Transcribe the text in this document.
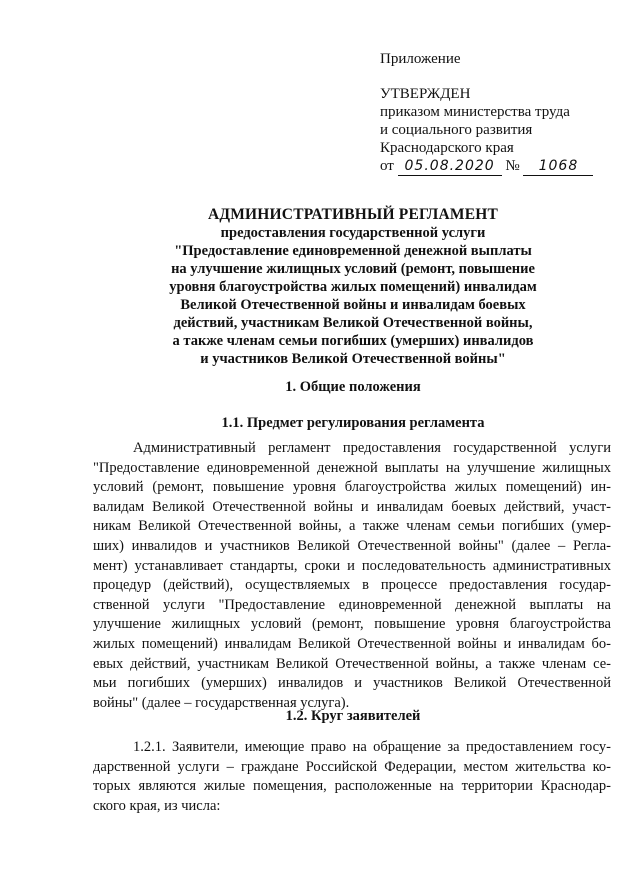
Приложение
УТВЕРЖДЕН
приказом министерства труда
и социального развития
Краснодарского края
от 05.08.2020 № 1068
АДМИНИСТРАТИВНЫЙ РЕГЛАМЕНТ
предоставления государственной услуги
"Предоставление единовременной денежной выплаты
на улучшение жилищных условий (ремонт, повышение
уровня благоустройства жилых помещений) инвалидам
Великой Отечественной войны и инвалидам боевых
действий, участникам Великой Отечественной войны,
а также членам семьи погибших (умерших) инвалидов
и участников Великой Отечественной войны"
1. Общие положения
1.1. Предмет регулирования регламента
Административный регламент предоставления государственной услуги
"Предоставление единовременной денежной выплаты на улучшение жилищных
условий (ремонт, повышение уровня благоустройства жилых помещений) ин-
валидам Великой Отечественной войны и инвалидам боевых действий, участ-
никам Великой Отечественной войны, а также членам семьи погибших (умер-
ших) инвалидов и участников Великой Отечественной войны" (далее – Регла-
мент) устанавливает стандарты, сроки и последовательность административных
процедур (действий), осуществляемых в процессе предоставления государ-
ственной услуги "Предоставление единовременной денежной выплаты на
улучшение жилищных условий (ремонт, повышение уровня благоустройства
жилых помещений) инвалидам Великой Отечественной войны и инвалидам бо-
евых действий, участникам Великой Отечественной войны, а также членам се-
мьи погибших (умерших) инвалидов и участников Великой Отечественной
войны" (далее – государственная услуга).
1.2. Круг заявителей
1.2.1. Заявители, имеющие право на обращение за предоставлением госу-
дарственной услуги – граждане Российской Федерации, местом жительства ко-
торых являются жилые помещения, расположенные на территории Краснодар-
ского края, из числа:
